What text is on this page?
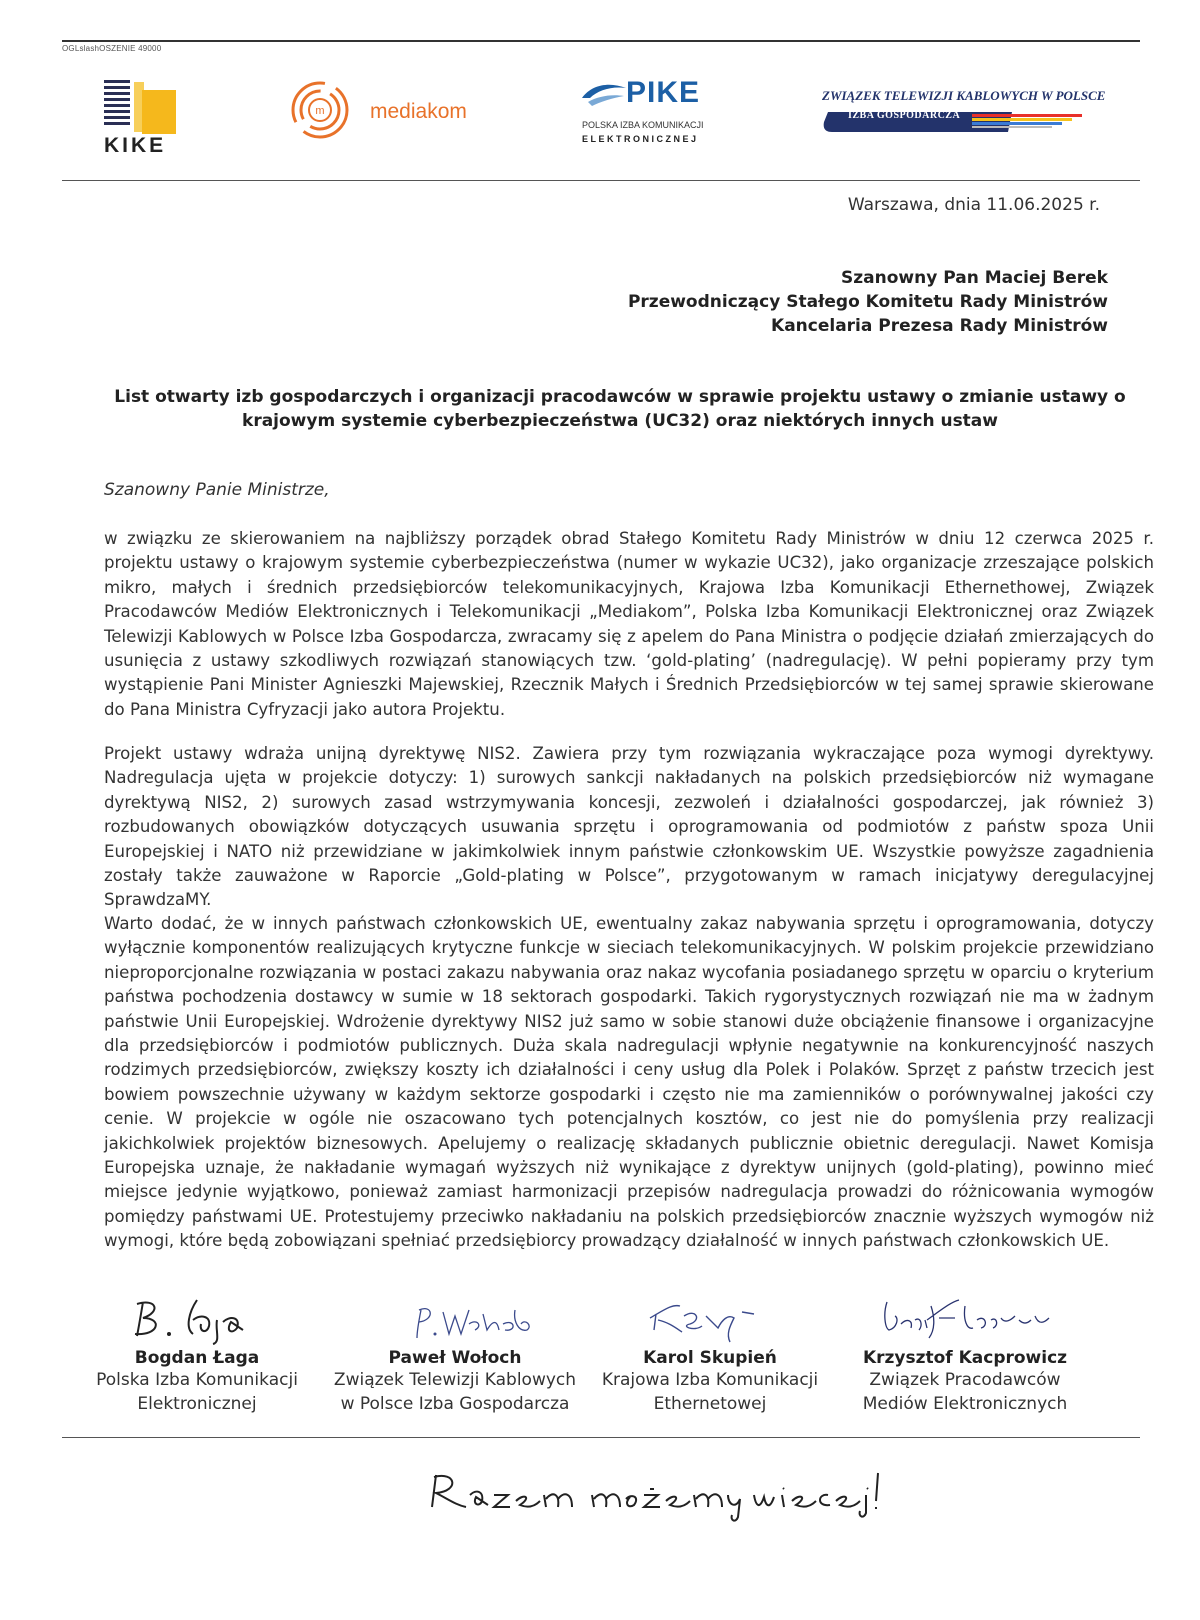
OGLslashOSZENIE 49000
KIKE
m mediakom
PIKE
POLSKA IZBA KOMUNIKACJI
ELEKTRONICZNEJ
ZWIĄZEK TELEWIZJI KABLOWYCH W POLSCE
IZBA GOSPODARCZA
Warszawa, dnia 11.06.2025 r.
Szanowny Pan Maciej Berek
Przewodniczący Stałego Komitetu Rady Ministrów
Kancelaria Prezesa Rady Ministrów
List otwarty izb gospodarczych i organizacji pracodawców w sprawie projektu ustawy o zmianie ustawy o krajowym systemie cyberbezpieczeństwa (UC32) oraz niektórych innych ustaw
Szanowny Panie Ministrze,
w związku ze skierowaniem na najbliższy porządek obrad Stałego Komitetu Rady Ministrów w dniu 12 czerwca 2025 r. projektu ustawy o krajowym systemie cyberbezpieczeństwa (numer w wykazie UC32), jako organizacje zrzeszające polskich mikro, małych i średnich przedsiębiorców telekomunikacyjnych, Krajowa Izba Komunikacji Ethernethowej, Związek Pracodawców Mediów Elektronicznych i Telekomunikacji „Mediakom”, Polska Izba Komunikacji Elektronicznej oraz Związek Telewizji Kablowych w Polsce Izba Gospodarcza, zwracamy się z apelem do Pana Ministra o podjęcie działań zmierzających do usunięcia z ustawy szkodliwych rozwiązań stanowiących tzw. ‘gold-plating’ (nadregulację). W pełni popieramy przy tym wystąpienie Pani Minister Agnieszki Majewskiej, Rzecznik Małych i Średnich Przedsiębiorców w tej samej sprawie skierowane do Pana Ministra Cyfryzacji jako autora Projektu.
Projekt ustawy wdraża unijną dyrektywę NIS2. Zawiera przy tym rozwiązania wykraczające poza wymogi dyrektywy. Nadregulacja ujęta w projekcie dotyczy: 1) surowych sankcji nakładanych na polskich przedsiębiorców niż wymagane dyrektywą NIS2, 2) surowych zasad wstrzymywania koncesji, zezwoleń i działalności gospodarczej, jak również 3) rozbudowanych obowiązków dotyczących usuwania sprzętu i oprogramowania od podmiotów z państw spoza Unii Europejskiej i NATO niż przewidziane w jakimkolwiek innym państwie członkowskim UE. Wszystkie powyższe zagadnienia zostały także zauważone w Raporcie „Gold-plating w Polsce”, przygotowanym w ramach inicjatywy deregulacyjnej SprawdzaMY.
Warto dodać, że w innych państwach członkowskich UE, ewentualny zakaz nabywania sprzętu i oprogramowania, dotyczy wyłącznie komponentów realizujących krytyczne funkcje w sieciach telekomunikacyjnych. W polskim projekcie przewidziano nieproporcjonalne rozwiązania w postaci zakazu nabywania oraz nakaz wycofania posiadanego sprzętu w oparciu o kryterium państwa pochodzenia dostawcy w sumie w 18 sektorach gospodarki. Takich rygorystycznych rozwiązań nie ma w żadnym państwie Unii Europejskiej. Wdrożenie dyrektywy NIS2 już samo w sobie stanowi duże obciążenie finansowe i organizacyjne dla przedsiębiorców i podmiotów publicznych. Duża skala nadregulacji wpłynie negatywnie na konkurencyjność naszych rodzimych przedsiębiorców, zwiększy koszty ich działalności i ceny usług dla Polek i Polaków. Sprzęt z państw trzecich jest bowiem powszechnie używany w każdym sektorze gospodarki i często nie ma zamienników o porównywalnej jakości czy cenie. W projekcie w ogóle nie oszacowano tych potencjalnych kosztów, co jest nie do pomyślenia przy realizacji jakichkolwiek projektów biznesowych. Apelujemy o realizację składanych publicznie obietnic deregulacji. Nawet Komisja Europejska uznaje, że nakładanie wymagań wyższych niż wynikające z dyrektyw unijnych (gold-plating), powinno mieć miejsce jedynie wyjątkowo, ponieważ zamiast harmonizacji przepisów nadregulacja prowadzi do różnicowania wymogów pomiędzy państwami UE. Protestujemy przeciwko nakładaniu na polskich przedsiębiorców znacznie wyższych wymogów niż wymogi, które będą zobowiązani spełniać przedsiębiorcy prowadzący działalność w innych państwach członkowskich UE.
Bogdan Łaga
Polska Izba Komunikacji
Elektronicznej
Paweł Wołoch
Związek Telewizji Kablowych
w Polsce Izba Gospodarcza
Karol Skupień
Krajowa Izba Komunikacji
Ethernetowej
Krzysztof Kacprowicz
Związek Pracodawców
Mediów Elektronicznych
